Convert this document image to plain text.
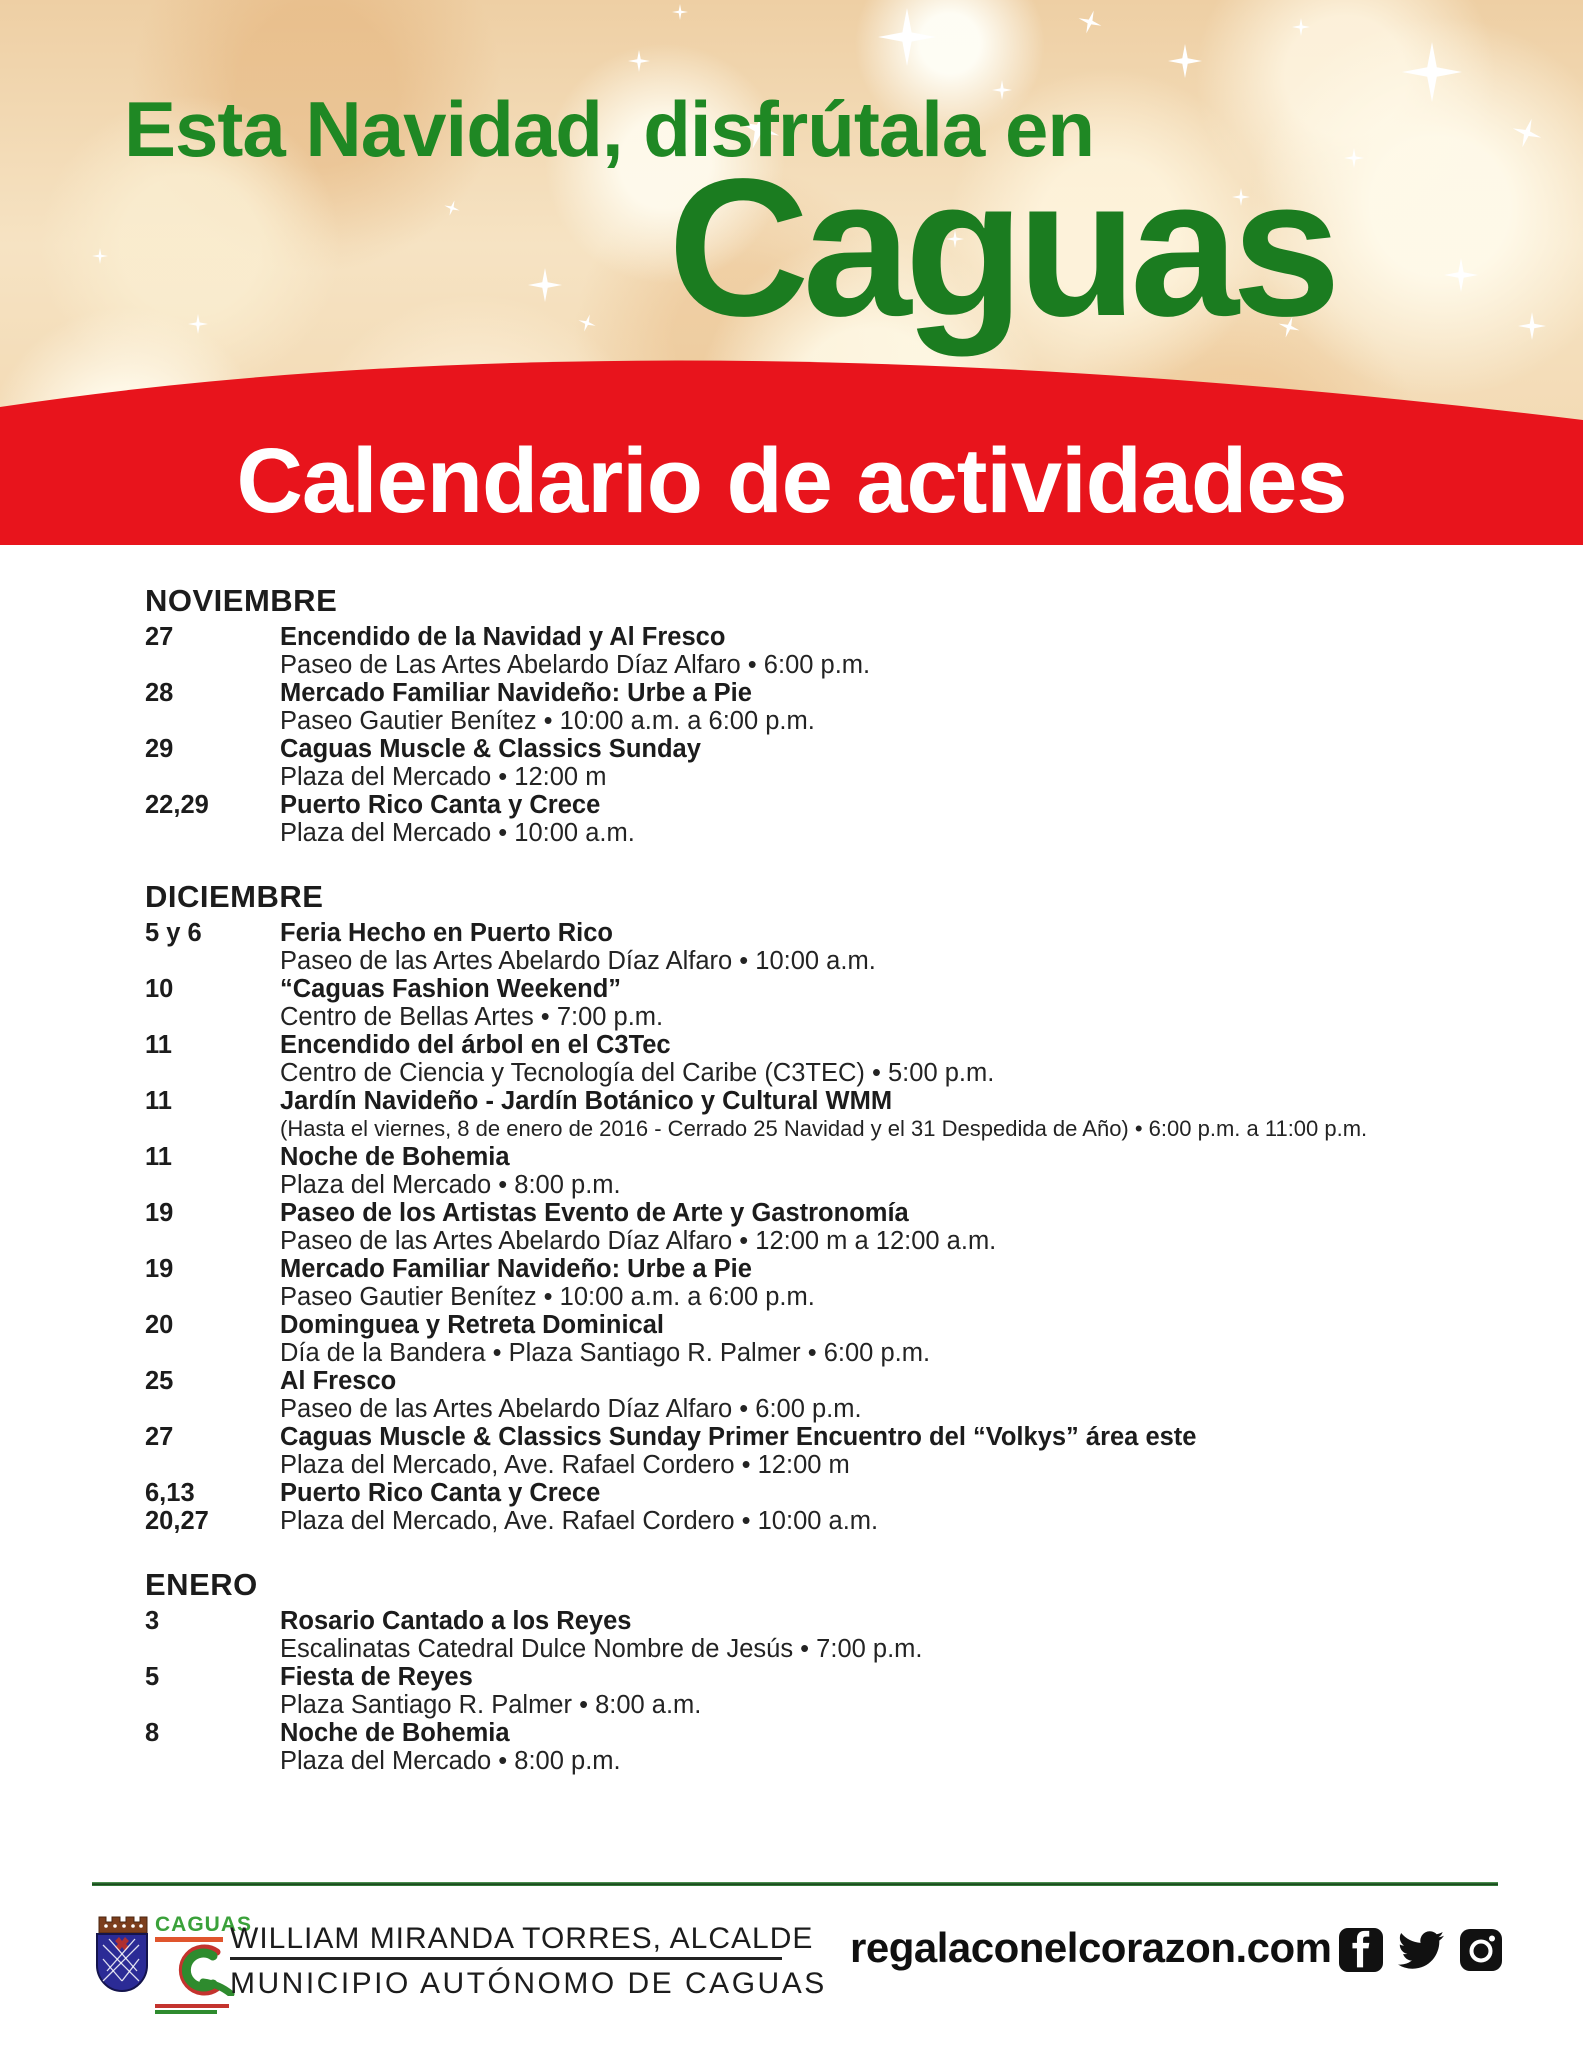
Esta Navidad, disfrútala en
Caguas
Calendario de actividades
NOVIEMBRE
27	Encendido de la Navidad y Al Fresco
Paseo de Las Artes Abelardo Díaz Alfaro • 6:00 p.m.
28	Mercado Familiar Navideño: Urbe a Pie
Paseo Gautier Benítez • 10:00 a.m. a 6:00 p.m.
29	Caguas Muscle & Classics Sunday
Plaza del Mercado • 12:00 m
22,29	Puerto Rico Canta y Crece
Plaza del Mercado • 10:00 a.m.
DICIEMBRE
5 y 6	Feria Hecho en Puerto Rico
Paseo de las Artes Abelardo Díaz Alfaro • 10:00 a.m.
10	“Caguas Fashion Weekend”
Centro de Bellas Artes • 7:00 p.m.
11	Encendido del árbol en el C3Tec
Centro de Ciencia y Tecnología del Caribe (C3TEC) • 5:00 p.m.
11	Jardín Navideño - Jardín Botánico y Cultural WMM
(Hasta el viernes, 8 de enero de 2016 - Cerrado 25 Navidad y el 31 Despedida de Año) • 6:00 p.m. a 11:00 p.m.
11	Noche de Bohemia
Plaza del Mercado • 8:00 p.m.
19	Paseo de los Artistas Evento de Arte y Gastronomía
Paseo de las Artes Abelardo Díaz Alfaro • 12:00 m a 12:00 a.m.
19	Mercado Familiar Navideño: Urbe a Pie
Paseo Gautier Benítez • 10:00 a.m. a 6:00 p.m.
20	Dominguea y Retreta Dominical
Día de la Bandera • Plaza Santiago R. Palmer • 6:00 p.m.
25	Al Fresco
Paseo de las Artes Abelardo Díaz Alfaro • 6:00 p.m.
27	Caguas Muscle & Classics Sunday Primer Encuentro del “Volkys” área este
Plaza del Mercado, Ave. Rafael Cordero • 12:00 m
6,13	Puerto Rico Canta y Crece
20,27	Plaza del Mercado, Ave. Rafael Cordero • 10:00 a.m.
ENERO
3	Rosario Cantado a los Reyes
Escalinatas Catedral Dulce Nombre de Jesús • 7:00 p.m.
5	Fiesta de Reyes
Plaza Santiago R. Palmer • 8:00 a.m.
8	Noche de Bohemia
Plaza del Mercado • 8:00 p.m.
CAGUAS
WILLIAM MIRANDA TORRES, ALCALDE
MUNICIPIO AUTÓNOMO DE CAGUAS
regalaconelcorazon.com
